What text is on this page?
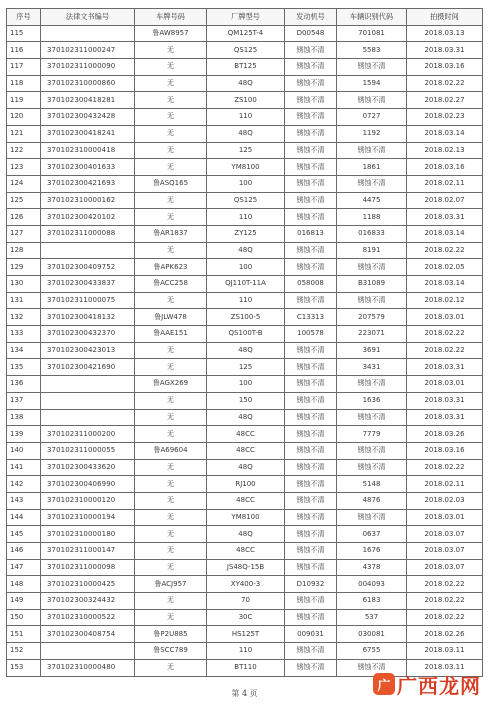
序号	法律文书编号	车牌号码	厂牌型号	发动机号	车辆识别代码	拍摄时间
115		鲁AW8957	QM125T-4	D00548	701081	2018.03.13
116	370102311000247	无	QS125	锈蚀不清	5583	2018.03.31
117	370102311000090	无	BT125	锈蚀不清	锈蚀不清	2018.03.16
118	370102310000860	无	48Q	锈蚀不清	1594	2018.02.22
119	370102300418281	无	ZS100	锈蚀不清	锈蚀不清	2018.02.27
120	370102300432428	无	110	锈蚀不清	0727	2018.02.23
121	370102300418241	无	48Q	锈蚀不清	1192	2018.03.14
122	370102310000418	无	125	锈蚀不清	锈蚀不清	2018.02.13
123	370102300401633	无	YM8100	锈蚀不清	1861	2018.03.16
124	370102300421693	鲁ASQ165	100	锈蚀不清	锈蚀不清	2018.02.11
125	370102310000162	无	QS125	锈蚀不清	4475	2018.02.07
126	370102300420102	无	110	锈蚀不清	1188	2018.03.31
127	370102311000088	鲁AR1837	ZY125	016813	016833	2018.03.14
128		无	48Q	锈蚀不清	8191	2018.02.22
129	370102300409752	鲁APK623	100	锈蚀不清	锈蚀不清	2018.02.05
130	370102300433837	鲁ACC258	QJ110T-11A	058008	B31089	2018.03.14
131	370102311000075	无	110	锈蚀不清	锈蚀不清	2018.02.12
132	370102300418132	鲁JLW478	ZS100-5	C13313	207579	2018.03.01
133	370102300432370	鲁AAE151	QS100T-B	100578	223071	2018.02.22
134	370102300423013	无	48Q	锈蚀不清	3691	2018.02.22
135	370102300421690	无	125	锈蚀不清	3431	2018.03.31
136		鲁AGX269	100	锈蚀不清	锈蚀不清	2018.03.01
137		无	150	锈蚀不清	1636	2018.03.31
138		无	48Q	锈蚀不清	锈蚀不清	2018.03.31
139	370102311000200	无	48CC	锈蚀不清	7779	2018.03.26
140	370102311000055	鲁A69604	48CC	锈蚀不清	锈蚀不清	2018.03.16
141	370102300433620	无	48Q	锈蚀不清	锈蚀不清	2018.02.22
142	370102300406990	无	RJ100	锈蚀不清	5148	2018.02.11
143	370102310000120	无	48CC	锈蚀不清	4876	2018.02.03
144	370102310000194	无	YM8100	锈蚀不清	锈蚀不清	2018.03.01
145	370102310000180	无	48Q	锈蚀不清	0637	2018.03.07
146	370102311000147	无	48CC	锈蚀不清	1676	2018.03.07
147	370102311000098	无	JS48Q-15B	锈蚀不清	4378	2018.03.07
148	370102310000425	鲁ACJ957	XY400-3	D10932	004093	2018.02.22
149	370102300324432	无	70	锈蚀不清	6183	2018.02.22
150	370102310000522	无	30C	锈蚀不清	537	2018.02.22
151	370102300408754	鲁P2U885	HS125T	009031	030081	2018.02.26
152		鲁SCC789	110	锈蚀不清	6755	2018.03.11
153	370102310000480	无	BT110	锈蚀不清	锈蚀不清	2018.03.11
第 4 页	广 广西龙网
